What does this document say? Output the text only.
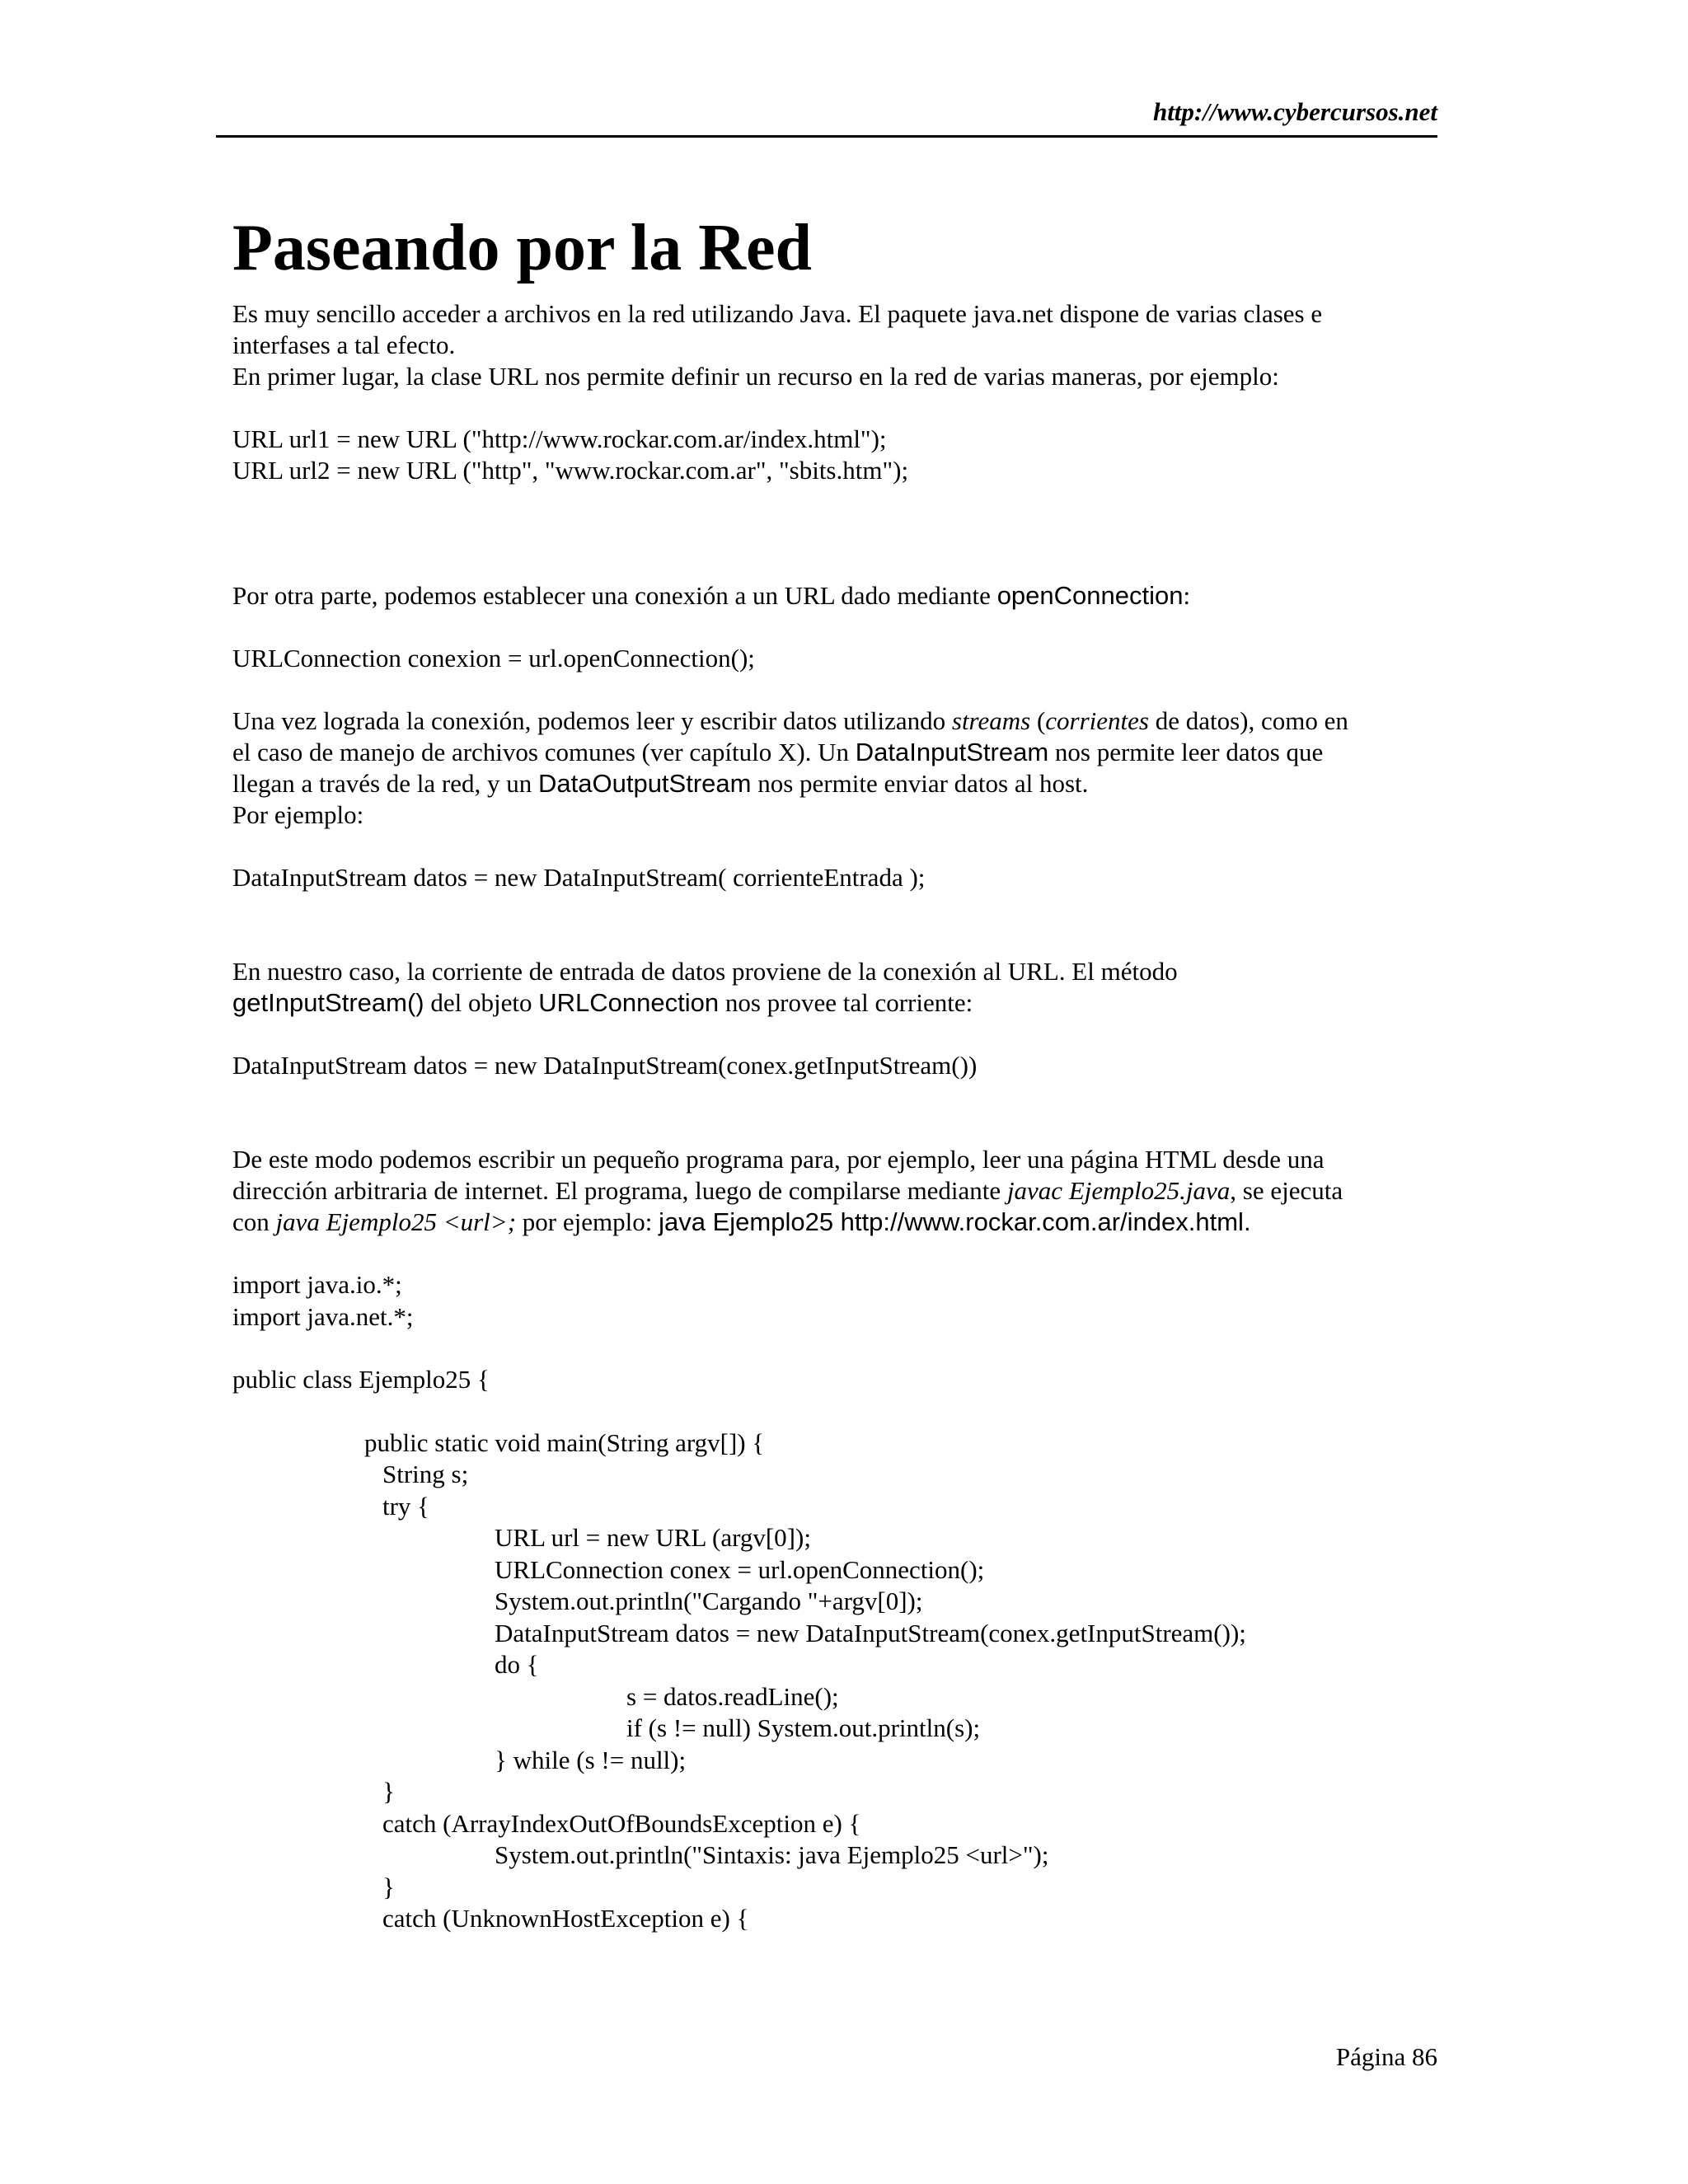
http://www.cybercursos.net
Paseando por la Red

Es muy sencillo acceder a archivos en la red utilizando Java. El paquete java.net dispone de varias clases e

interfases a tal efecto.

En primer lugar, la clase URL nos permite definir un recurso en la red de varias maneras, por ejemplo:

URL url1 = new URL ("http://www.rockar.com.ar/index.html");

URL url2 = new URL ("http", "www.rockar.com.ar", "sbits.htm");

Por otra parte, podemos establecer una conexión a un URL dado mediante openConnection:

URLConnection conexion = url.openConnection();

Una vez lograda la conexión, podemos leer y escribir datos utilizando streams (corrientes de datos), como en

el caso de manejo de archivos comunes (ver capítulo X). Un DataInputStream nos permite leer datos que

llegan a través de la red, y un DataOutputStream nos permite enviar datos al host.

Por ejemplo:

DataInputStream datos = new DataInputStream( corrienteEntrada );

En nuestro caso, la corriente de entrada de datos proviene de la conexión al URL. El método

getInputStream() del objeto URLConnection nos provee tal corriente:

DataInputStream datos = new DataInputStream(conex.getInputStream())

De este modo podemos escribir un pequeño programa para, por ejemplo, leer una página HTML desde una

dirección arbitraria de internet. El programa, luego de compilarse mediante javac Ejemplo25.java, se ejecuta

con java Ejemplo25 <url>; por ejemplo: java Ejemplo25 http://www.rockar.com.ar/index.html.

import java.io.*;

import java.net.*;

public class Ejemplo25 {

public static void main(String argv[]) {

String s;

try {

URL url = new URL (argv[0]);

URLConnection conex = url.openConnection();

System.out.println("Cargando "+argv[0]);

DataInputStream datos = new DataInputStream(conex.getInputStream());

do {

s = datos.readLine();

if (s != null) System.out.println(s);

} while (s != null);

}

catch (ArrayIndexOutOfBoundsException e) {

System.out.println("Sintaxis: java Ejemplo25 <url>");

}

catch (UnknownHostException e) {

Página 86
